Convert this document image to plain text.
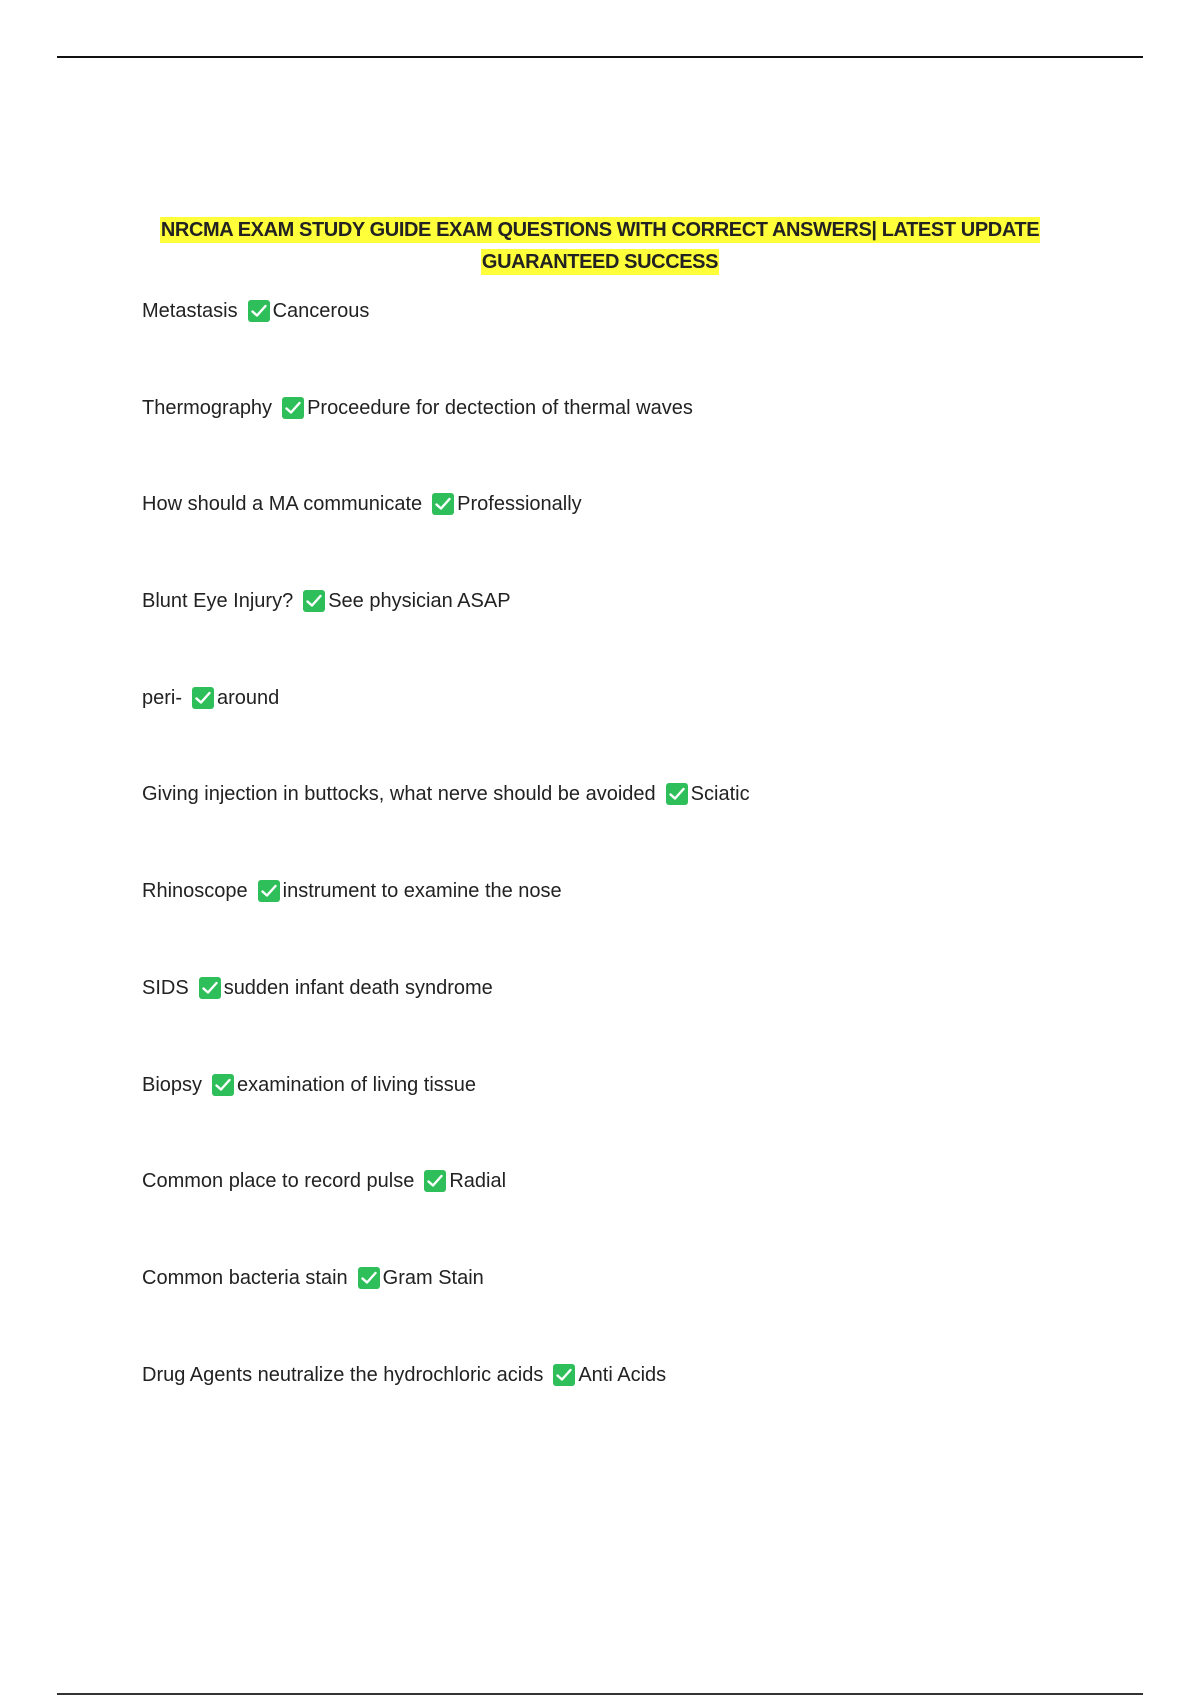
NRCMA EXAM STUDY GUIDE EXAM QUESTIONS WITH CORRECT ANSWERS| LATEST UPDATE
GUARANTEED SUCCESS
Metastasis Cancerous
Thermography Proceedure for dectection of thermal waves
How should a MA communicate Professionally
Blunt Eye Injury? See physician ASAP
peri- around
Giving injection in buttocks, what nerve should be avoided Sciatic
Rhinoscope instrument to examine the nose
SIDS sudden infant death syndrome
Biopsy examination of living tissue
Common place to record pulse Radial
Common bacteria stain Gram Stain
Drug Agents neutralize the hydrochloric acids Anti Acids
